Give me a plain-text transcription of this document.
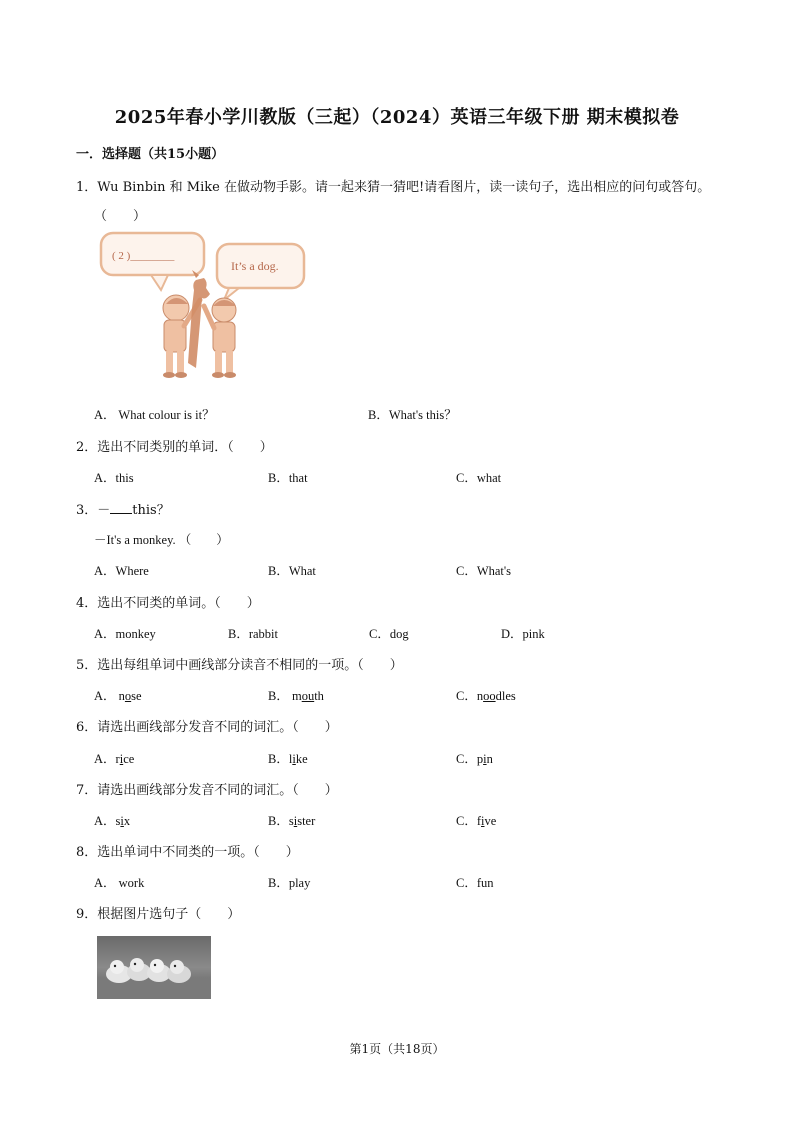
2025年春小学川教版（三起）（2024）英语三年级下册 期末模拟卷
一．选择题（共15小题）
1．Wu Binbin 和 Mike 在做动物手影。请一起来猜一猜吧!请看图片，读一读句子，选出相应的问句或答句。
（　　）
( 2 )________
It’s a dog.
A． What colour is it？	B．What's this？
2．选出不同类别的单词．（　　）
A．this	B．that	C．what
3．－ this？
－It's a monkey. （　　）
A．Where	B．What	C．What's
4．选出不同类的单词。（　　）
A．monkey	B．rabbit	C．dog	D．pink
5．选出每组单词中画线部分读音不相同的一项。（　　）
A． nose	B． mouth	C．noodles
6．请选出画线部分发音不同的词汇。（　　）
A．rice	B．like	C．pin
7．请选出画线部分发音不同的词汇。（　　）
A．six	B．sister	C．five
8．选出单词中不同类的一项。（　　）
A． work	B．play	C．fun
9．根据图片选句子（　　）
第1页（共18页）
